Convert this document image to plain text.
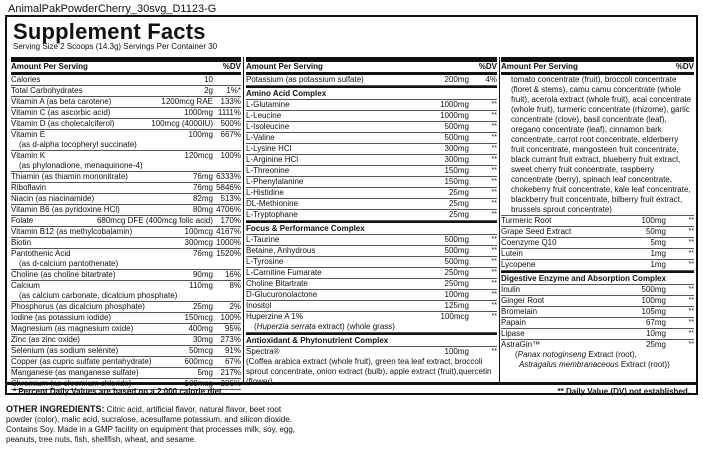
AnimalPakPowderCherry_30svg_D1123-G
Supplement Facts
Serving Size 2 Scoops (14.3g) Servings Per Container 30
Amount Per Serving	%DV
Calories	10
Total Carbohydrates	2g	1%*
Vitamin A (as beta carotene)	1200mcg RAE 133%
Vitamin C (as ascorbic acid)	1000mg 1111%
Vitamin D (as cholecalciferol)	100mcg (4000IU) 500%
Vitamin E	100mg 667%
(as d-alpha tocopheryl succinate)
Vitamin K	120mcg 100%
(as phylonadione, menaquinone-4)
Thiamin (as thiamin mononitrate)	76mg 6333%
Riboflavin	76mg 5846%
Niacin (as niacinamide)	82mg 513%
Vitamin B6 (as pyridoxine HCl)	80mg 4706%
Folate	680mcg DFE (400mcg folic acid) 170%
Vitamin B12 (as methylcobalamin)	100mcg 4167%
Biotin	300mcg 1000%
Pantothenic Acid	76mg 1520%
(as d-calcium pantothenate)
Choline (as choline bitartrate)	90mg	16%
Calcium	110mg	8%
(as calcium carbonate, dicalcium phosphate)
Phosphorus (as dicalcium phosphate)	25mg	2%
Iodine (as potassium iodide)	150mcg 100%
Magnesium (as magnesium oxide)	400mg	95%
Zinc (as zinc oxide)	30mg 273%
Selenium (as sodium selenite)	50mcg	91%
Copper (as cupric sulfate pentahydrate)	600mcg	67%
Manganese (as manganese sulfate)	5mg 217%
Chromium (as chromium chloride)	100mcg 286%
Amount Per Serving	%DV
Potassium (as potassium sulfate)	200mg	4%
Amino Acid Complex
L-Glutamine	1000mg	**
L-Leucine	1000mg	**
L-Isoleucine	500mg	**
L-Valine	500mg	**
L-Lysine HCl	300mg	**
L-Arginine HCl	300mg	**
L-Threonine	150mg	**
L-Phenylalanine	150mg	**
L-Histidine	25mg	**
DL-Methionine	25mg	**
L-Tryptophane	25mg	**
Focus & Performance Complex
L-Taurine	500mg	**
Betaine, Anhydrous	500mg	**
L-Tyrosine	500mg	**
L-Carnitine Fumarate	250mg	**
Choline Bitartrate	250mg	**
D-Glucuronolactone	100mg	**
Inositol	125mg	**
Huperzine A 1%	100mcg	**
(Huperzia serrata extract) (whole grass)
Antioxidant & Phytonutrient Complex
Spectra®	100mg	**
(Coffea arabica extract (whole fruit), green tea leaf extract, broccoli sprout concentrate, onion extract (bulb), apple extract (fruit),quercetin (flower),
Amount Per Serving	%DV
tomato concentrate (fruit), broccoli concentrate (floret & stems), camu camu concentrate (whole fruit), acerola extract (whole fruit), acai concentrate (whole fruit), turmeric concentrate (rhizome), garlic concentrate (clove), basil concentrate (leaf), oregano concentrate (leaf), cinnamon bark concentrate, carrot root concentrate, elderberry fruit concentrate, mangosteen fruit concentrate, black currant fruit extract, blueberry fruit extract, sweet cherry fruit concentrate, raspberry concentrate (berry), spinach leaf concentrate, chokeberry fruit concentrate, kale leaf concentrate, blackberry fruit concentrate, bilberry fruit extract, brussels sprout concentrate)
Turmeric Root	100mg	**
Grape Seed Extract	50mg	**
Coenzyme Q10	5mg	**
Lutein	1mg	**
Lycopene	1mg	**
Digestive Enzyme and Absorption Complex
Inulin	500mg	**
Ginger Root	100mg	**
Bromelain	105mg	**
Papain	67mg	**
Lipase	10mg	**
AstraGin™	25mg	**
(Panax notoginseng Extract (root),
Astragalus membranaceous Extract (root))
* Percent Daily Values are based on a 2,000 calorie diet.	** Daily Value (DV) not established.
OTHER INGREDIENTS: Citric acid, artificial flavor, natural flavor, beet root powder (color), malic acid, sucralose, acesulfame potassium, and silicon dioxide. Contains Soy. Made in a GMP facility on equipment that processes milk, soy, egg, peanuts, tree nuts, fish, shellfish, wheat, and sesame.
